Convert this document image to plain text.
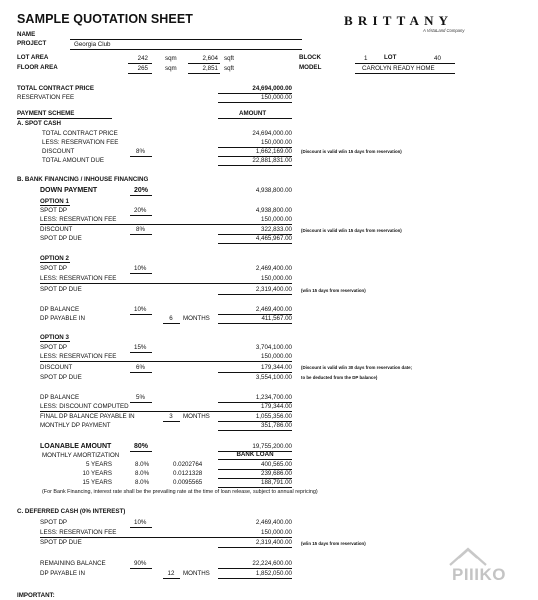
SAMPLE QUOTATION SHEET	BRITTANY
A VistaLand Company
NAME
PROJECT	Georgia Club
LOT AREA	242	sqm	2,604 sqft
FLOOR AREA	265	sqm	2,851 sqft
BLOCK	1	LOT	40
MODEL	CAROLYN READY HOME
TOTAL CONTRACT PRICE	24,694,000.00
RESERVATION FEE	150,000.00
PAYMENT SCHEME	AMOUNT
A. SPOT CASH
TOTAL CONTRACT PRICE	24,694,000.00
LESS: RESERVATION FEE	150,000.00
DISCOUNT	8%	1,662,169.00 (Discount is valid w/in 15 days from reservation)
TOTAL AMOUNT DUE	22,881,831.00
B. BANK FINANCING / INHOUSE FINANCING
DOWN PAYMENT	20%	4,938,800.00
OPTION 1
SPOT DP	20%	4,938,800.00
LESS: RESERVATION FEE	150,000.00
DISCOUNT	8%	322,833.00 (Discount is valid w/in 15 days from reservation)
SPOT DP DUE	4,465,967.00
OPTION 2
SPOT DP	10%	2,469,400.00
LESS: RESERVATION FEE	150,000.00
SPOT DP DUE	2,319,400.00 (w/in 15 days from reservation)
DP BALANCE	10%	2,469,400.00
DP PAYABLE IN	6	MONTHS	411,567.00
OPTION 3
SPOT DP	15%	3,704,100.00
LESS: RESERVATION FEE	150,000.00
DISCOUNT	6%	179,344.00 (Discount is valid w/in 30 days from reservation date;
SPOT DP DUE	3,554,100.00 to be deducted from the DP balance)
DP BALANCE	5%	1,234,700.00
LESS: DISCOUNT COMPUTED	179,344.00
FINAL DP BALANCE PAYABLE IN	3	MONTHS	1,055,356.00
MONTHLY DP PAYMENT	351,786.00
LOANABLE AMOUNT	80%	19,755,200.00
MONTHLY AMORTIZATION	BANK LOAN
5 YEARS	8.0%	0.0202764	400,565.00
10 YEARS	8.0%	0.0121328	239,686.00
15 YEARS	8.0%	0.0095565	188,791.00
(For Bank Financing, interest rate shall be the prevailing rate at the time of loan release, subject to annual repricing)
C. DEFERRED CASH (0% INTEREST)
SPOT DP	10%	2,469,400.00
LESS: RESERVATION FEE	150,000.00
SPOT DP DUE	2,319,400.00 (w/in 15 days from reservation)
REMAINING BALANCE	90%	22,224,600.00
DP PAYABLE IN	12	MONTHS	1,852,050.00
IMPORTANT:
PIIIKO
